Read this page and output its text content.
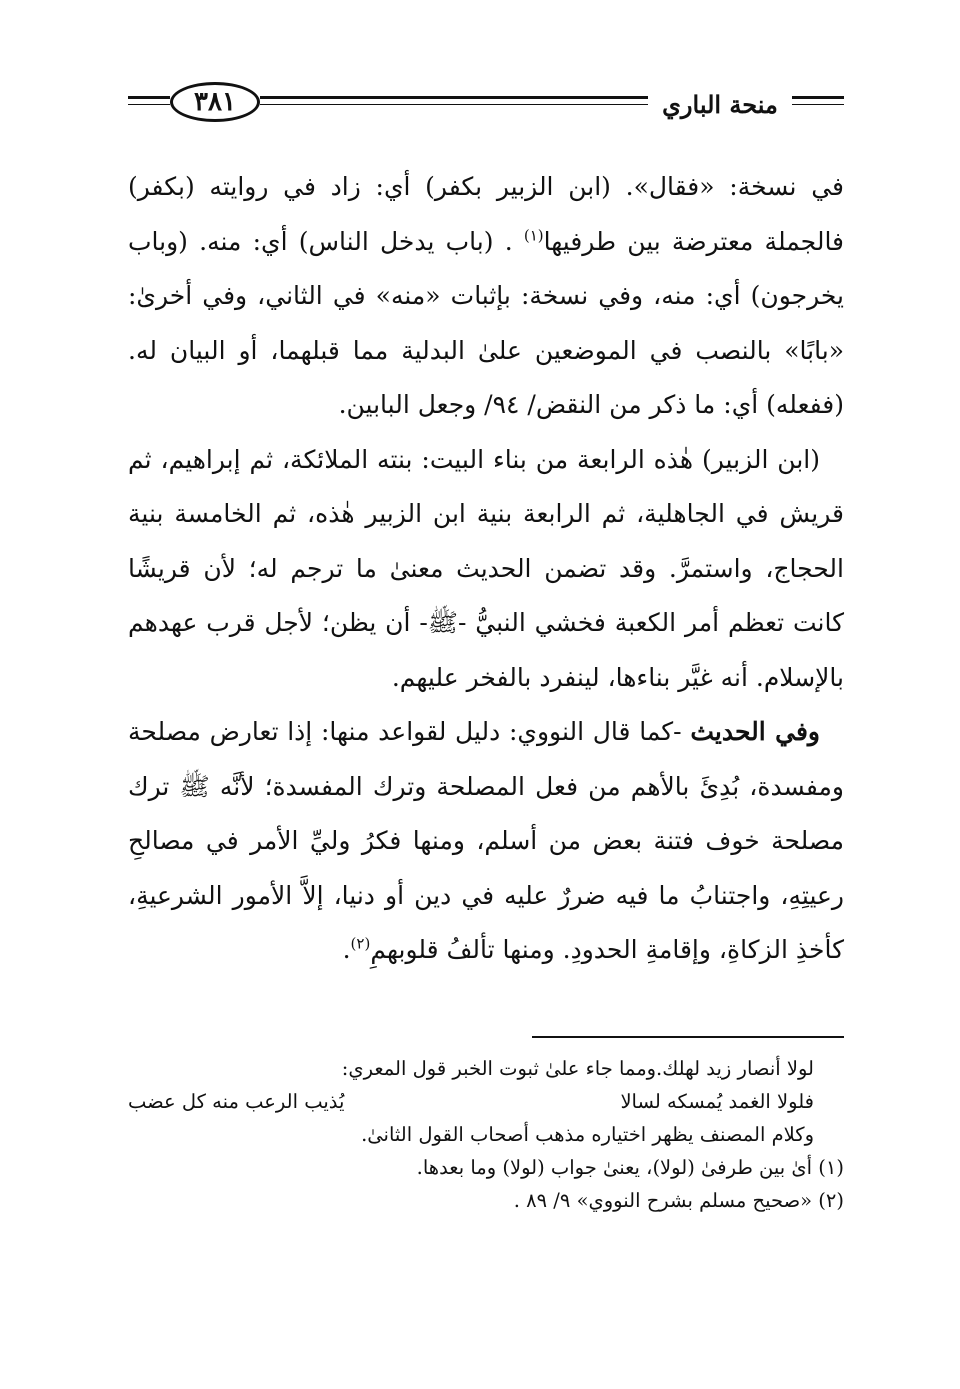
٣٨١	منحة الباري

في نسخة: «فقال». (ابن الزبير بكفر) أي: زاد في روايته (بكفر) فالجملة معترضة بين طرفيها$^{(١)}$ . (باب يدخل الناس) أي: منه. (وباب يخرجون) أي: منه، وفي نسخة: بإثبات «منه» في الثاني، وفي أخرىٰ: «بابًا» بالنصب في الموضعين علىٰ البدلية مما قبلهما، أو البيان له. (ففعله) أي: ما ذكر من النقض/ ٩٤/ وجعل البابين.

(ابن الزبير) هٰذه الرابعة من بناء البيت: بنته الملائكة، ثم إبراهيم، ثم قريش في الجاهلية، ثم الرابعة بنية ابن الزبير هٰذه، ثم الخامسة بنية الحجاج، واستمرَّ. وقد تضمن الحديث معنىٰ ما ترجم له؛ لأن قريشًا كانت تعظم أمر الكعبة فخشي النبيُّ -ﷺ- أن يظن؛ لأجل قرب عهدهم بالإسلام. أنه غيَّر بناءها، لينفرد بالفخر عليهم.

وفي الحديث -كما قال النووي: دليل لقواعد منها: إذا تعارض مصلحة ومفسدة، بُدِئَ بالأهم من فعل المصلحة وترك المفسدة؛ لأنَّه ﷺ ترك مصلحة خوف فتنة بعض من أسلم، ومنها فكرُ وليِّ الأمر في مصالحِ رعيتِهِ، واجتنابُ ما فيه ضررٌ عليه في دين أو دنيا، إلاَّ الأمور الشرعيةِ، كأخذِ الزكاةِ، وإقامةِ الحدودِ. ومنها تألفُ قلوبهمِ$^{(٢)}$.

لولا أنصار زيد لهلك.ومما جاء علىٰ ثبوت الخبر قول المعري:

فلولا الغمد يُمسكه لسالا
يُذيب الرعب منه كل عضب

وكلام المصنف يظهر اختياره مذهب أصحاب القول الثانىٰ.

(١) أىٰ بين طرفىٰ (لولا)، يعنىٰ جواب (لولا) وما بعدها.

(٢) «صحيح مسلم بشرح النووي» ٩/ ٨٩ .
